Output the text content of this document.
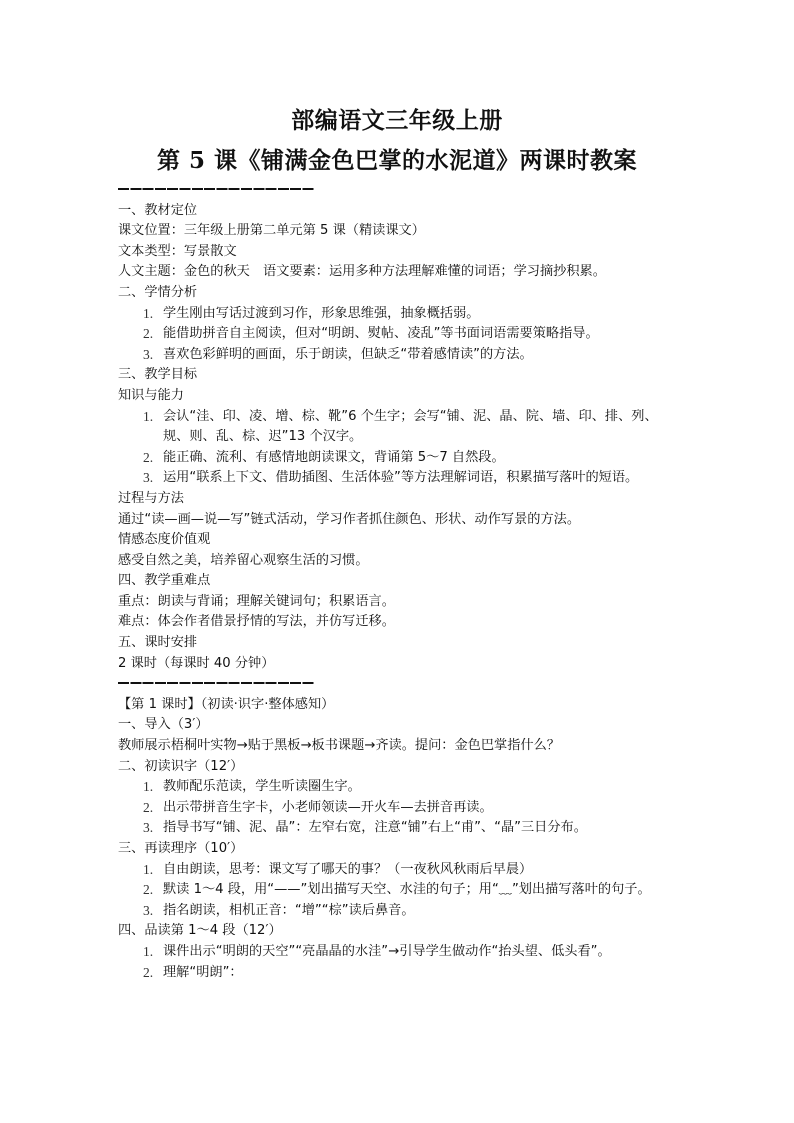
部编语文三年级上册
第 5 课《铺满金色巴掌的水泥道》两课时教案
一、教材定位
课文位置：三年级上册第二单元第 5 课（精读课文）
文本类型：写景散文
人文主题：金色的秋天　语文要素：运用多种方法理解难懂的词语；学习摘抄积累。
二、学情分析
1. 学生刚由写话过渡到习作，形象思维强，抽象概括弱。
2. 能借助拼音自主阅读，但对“明朗、熨帖、凌乱”等书面词语需要策略指导。
3. 喜欢色彩鲜明的画面，乐于朗读，但缺乏“带着感情读”的方法。
三、教学目标
知识与能力
1. 会认“洼、印、凌、增、棕、靴”6 个生字；会写“铺、泥、晶、院、墙、印、排、列、规、则、乱、棕、迟”13 个汉字。
2. 能正确、流利、有感情地朗读课文，背诵第 5～7 自然段。
3. 运用“联系上下文、借助插图、生活体验”等方法理解词语，积累描写落叶的短语。
过程与方法
通过“读—画—说—写”链式活动，学习作者抓住颜色、形状、动作写景的方法。
情感态度价值观
感受自然之美，培养留心观察生活的习惯。
四、教学重难点
重点：朗读与背诵；理解关键词句；积累语言。
难点：体会作者借景抒情的写法，并仿写迁移。
五、课时安排
2 课时（每课时 40 分钟）
【第 1 课时】（初读·识字·整体感知）
一、导入（3′）
教师展示梧桐叶实物→贴于黑板→板书课题→齐读。提问：金色巴掌指什么？
二、初读识字（12′）
1. 教师配乐范读，学生听读圈生字。
2. 出示带拼音生字卡，小老师领读—开火车—去拼音再读。
3. 指导书写“铺、泥、晶”：左窄右宽，注意“铺”右上“甫”、“晶”三日分布。
三、再读理序（10′）
1. 自由朗读，思考：课文写了哪天的事？（一夜秋风秋雨后早晨）
2. 默读 1～4 段，用“——”划出描写天空、水洼的句子；用“﹏”划出描写落叶的句子。
3. 指名朗读，相机正音：“增”“棕”读后鼻音。
四、品读第 1～4 段（12′）
1. 课件出示“明朗的天空”“亮晶晶的水洼”→引导学生做动作“抬头望、低头看”。
2. 理解“明朗”：
